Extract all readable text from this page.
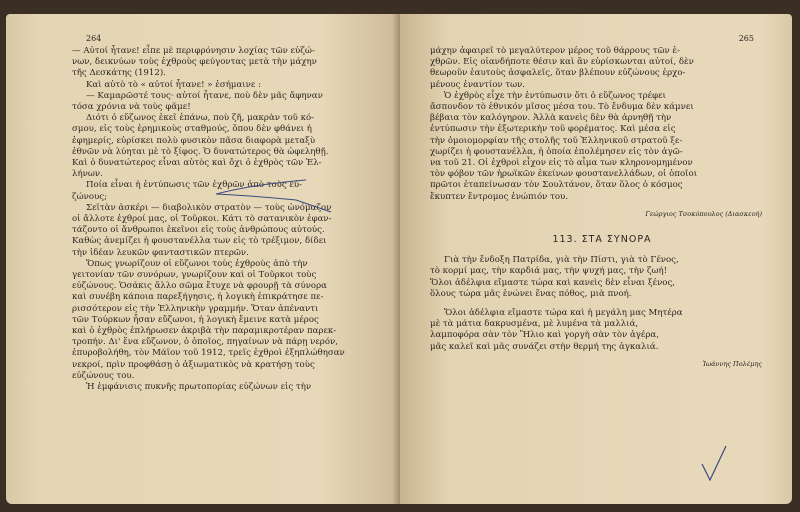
264

— Αὐτοί ἦτανε! εἶπε μὲ περιφρόνησιν λοχίας τῶν εὐζώ-

νων, δεικνύων τοὺς ἐχθροὺς φεύγοντας μετὰ τὴν μάχην

τῆς Δεσκάτης (1912).

Καὶ αὐτὸ τὸ « αὐτοί ἦτανε! » ἐσήμαινε :

— Καμαρῶστέ τους· αὐτοί ἦτανε, ποὺ δὲν μᾶς ἄφηναν

τόσα χρόνια νὰ τοὺς φᾶμε!

Διότι ὁ εὔζωνος ἐκεῖ ἐπάνω, ποὺ ζῆ, μακρὰν τοῦ κό-

σμου, εἰς τοὺς ἐρημικοὺς σταθμούς, ὅπου δὲν φθάνει ἡ

ἐφημερίς, εὑρίσκει πολὺ φυσικὸν πᾶσα διαφορὰ μεταξὺ

ἐθνῶν νὰ λύηται μὲ τὸ ξίφος. Ὁ δυνατώτερος θὰ ὠφεληθῇ.

Καὶ ὁ δυνατώτερος εἶναι αὐτὸς καὶ ὄχι ὁ ἐχθρὸς τῶν Ἑλ-

λήνων.

Ποία εἶναι ἡ ἐντύπωσις τῶν ἐχθρῶν ἀπὸ τοὺς εὐ-

ζώνους;

Σεϊτὰν ἀσκέρι — διαβολικὸν στρατὸν — τοὺς ὠνόμαζον

οἱ ἄλλοτε ἐχθροί μας, οἱ Τοῦρκοι. Κάτι τὸ σατανικὸν ἐφαν-

τάζοντο οἱ ἄνθρωποι ἐκεῖνοι εἰς τοὺς ἀνθρώπους αὐτούς.

Καθὼς ἀνεμίζει ἡ φουστανέλλα των εἰς τὸ τρέξιμον, δίδει

τὴν ἰδέαν λευκῶν φανταστικῶν πτερῶν.

Ὅπως γνωρίζουν οἱ εὔζωνοι τοὺς ἐχθροὺς ἀπὸ τὴν

γειτονίαν τῶν συνόρων, γνωρίζουν καὶ οἱ Τοῦρκοι τοὺς

εὐζώνους. Ὁσάκις ἄλλο σῶμα ἔτυχε νὰ φρουρῇ τὰ σύνορα

καὶ συνέβη κάποια παρεξήγησις, ἡ λογικὴ ἐπικράτησε πε-

ρισσότερον εἰς τὴν Ἑλληνικὴν γραμμήν. Ὅταν ἀπέναντι

τῶν Τούρκων ἦσαν εὔζωνοι, ἡ λογικὴ ἔμεινε κατὰ μέρος

καὶ ὁ ἐχθρὸς ἐπλήρωσεν ἀκριβὰ τὴν παραμικροτέραν παρεκ-

τροπήν. Δι' ἕνα εὔζωνον, ὁ ὁποῖος, πηγαίνων νὰ πάρῃ νερόν,

ἐπυροβολήθη, τὸν Μάϊον τοῦ 1912, τρεῖς ἐχθροὶ ἐξηπλώθησαν

νεκροί, πρὶν προφθάσῃ ὁ ἀξιωματικὸς νὰ κρατήσῃ τοὺς

εὐζώνους του.

Ἡ ἐμφάνισις πυκνῆς πρωτοπορίας εὐζώνων εἰς τὴν

265

μάχην ἀφαιρεῖ τὸ μεγαλύτερον μέρος τοῦ θάρρους τῶν ἐ-

χθρῶν. Εἰς οἱανδήποτε θέσιν καὶ ἂν εὑρίσκωνται αὐτοί, δὲν

θεωροῦν ἑαυτοὺς ἀσφαλεῖς, ὅταν βλέπουν εὐζώνους ἐρχο-

μένους ἐναντίον των.

Ὁ ἐχθρὸς εἶχε τὴν ἐντύπωσιν ὅτι ὁ εὔζωνος τρέφει

ἄσπονδον τὸ ἐθνικόν μῖσος μέσα του. Τὸ ἔνδυμα δὲν κάμνει

βέβαια τὸν καλόγηρον. Ἀλλὰ κανεὶς δὲν θὰ ἀρνηθῇ τὴν

ἐντύπωσιν τὴν ἐξωτερικὴν τοῦ φορέματος. Καὶ μέσα εἰς

τὴν ὁμοιομορφίαν τῆς στολῆς τοῦ Ἑλληνικοῦ στρατοῦ ξε-

χωρίζει ἡ φουστανέλλα, ἡ ὁποία ἐπολέμησεν εἰς τὸν ἀγῶ-

να τοῦ 21. Οἱ ἐχθροὶ εἶχον εἰς τὸ αἷμα των κληρονομημένον

τὸν φόβον τῶν ἡρωϊκῶν ἐκείνων φουστανελλάδων, οἱ ὁποῖοι

πρῶτοι ἐταπείνωσαν τὸν Σουλτάνον, ὅταν ὅλος ὁ κόσμος

ἔκυπτεν ἔντρομος ἐνώπιόν του.

Γεώργιος Τσοκόπουλος (Διασκευή)

113. ΣΤΑ ΣΥΝΟΡΑ

Γιὰ τὴν ἔνδοξη Πατρίδα, γιὰ τὴν Πίστι, γιὰ τὸ Γένος,

τὸ κορμί μας, τὴν καρδιά μας, τὴν ψυχή μας, τὴν ζωή!

Ὅλοι ἀδέλφια εἴμαστε τώρα καὶ κανεὶς δὲν εἶναι ξένος,

ὅλους τώρα μᾶς ἑνώνει ἕνας πόθος, μιὰ πνοή.

Ὅλοι ἀδέλφια εἴμαστε τώρα καὶ ἡ μεγάλη μας Μητέρα

μὲ τὰ μάτια δακρυσμένα, μὲ λυμένα τὰ μαλλιά,

λαμποφόρα σὰν τὸν Ἥλιο καὶ γοργὴ σὰν τὸν ἀγέρα,

μᾶς καλεῖ καὶ μᾶς συνάζει στὴν θερμή της ἀγκαλιά.

Ἰωάννης Πολέμης
